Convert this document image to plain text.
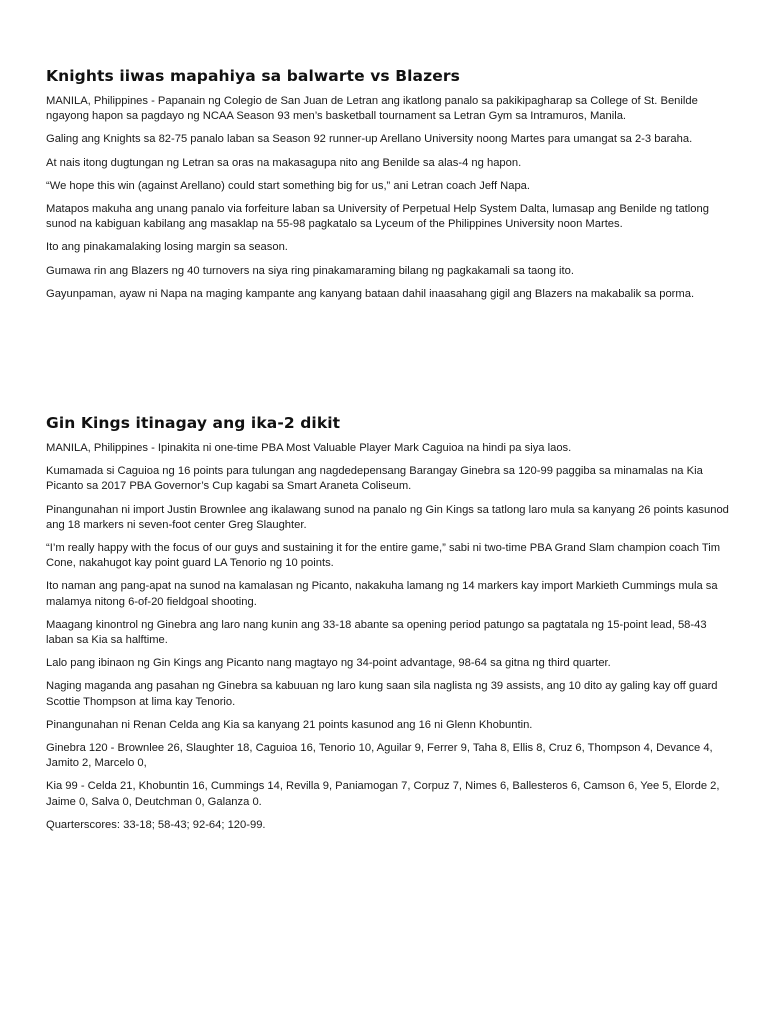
Knights iiwas mapahiya sa balwarte vs Blazers

MANILA, Philippines - Papanain ng Colegio de San Juan de Letran ang ikatlong panalo sa pakikipagharap sa College of St. Benilde ngayong hapon sa pagdayo ng NCAA Season 93 men’s basketball tournament sa Letran Gym sa Intramuros, Manila.

Galing ang Knights sa 82-75 panalo laban sa Season 92 runner-up Arellano University noong Martes para umangat sa 2-3 baraha.

At nais itong dugtungan ng Letran sa oras na makasagupa nito ang Benilde sa alas-4 ng hapon.

“We hope this win (against Arellano) could start something big for us,” ani Letran coach Jeff Napa.

Matapos makuha ang unang panalo via forfeiture laban sa University of Perpetual Help System Dalta, lumasap ang Benilde ng tatlong sunod na kabiguan kabilang ang masaklap na 55-98 pagkatalo sa Lyceum of the Philippines University noon Martes.

Ito ang pinakamalaking losing margin sa season.

Gumawa rin ang Blazers ng 40 turnovers na siya ring pinakamaraming bilang ng pagkakamali sa taong ito.

Gayunpaman, ayaw ni Napa na maging kampante ang kanyang bataan dahil inaasahang gigil ang Blazers na makabalik sa porma.

Gin Kings itinagay ang ika-2 dikit

MANILA, Philippines - Ipinakita ni one-time PBA Most Valuable Player Mark Caguioa na hindi pa siya laos.

Kumamada si Caguioa ng 16 points para tulungan ang nagdedepensang Barangay Ginebra sa 120-99 paggiba sa minamalas na Kia Picanto sa 2017 PBA Governor’s Cup kagabi sa Smart Araneta Coliseum.

Pinangunahan ni import Justin Brownlee ang ikalawang sunod na panalo ng Gin Kings sa tatlong laro mula sa kanyang 26 points kasunod ang 18 markers ni seven-foot center Greg Slaughter.

“I’m really happy with the focus of our guys and sustaining it for the entire game,” sabi ni two-time PBA Grand Slam champion coach Tim Cone, nakahugot kay point guard LA Tenorio ng 10 points.

Ito naman ang pang-apat na sunod na kamalasan ng Picanto, nakakuha lamang ng 14 markers kay import Markieth Cummings mula sa malamya nitong 6-of-20 fieldgoal shooting.

Maagang kinontrol ng Ginebra ang laro nang kunin ang 33-18 abante sa opening period patungo sa pagtatala ng 15-point lead, 58-43 laban sa Kia sa halftime.

Lalo pang ibinaon ng Gin Kings ang Picanto nang magtayo ng 34-point advantage, 98-64 sa gitna ng third quarter.

Naging maganda ang pasahan ng Ginebra sa kabuuan ng laro kung saan sila naglista ng 39 assists, ang 10 dito ay galing kay off guard Scottie Thompson at lima kay Tenorio.

Pinangunahan ni Renan Celda ang Kia sa kanyang 21 points kasunod ang 16 ni Glenn Khobuntin.

Ginebra 120 - Brownlee 26, Slaughter 18, Caguioa 16, Tenorio 10, Aguilar 9, Ferrer 9, Taha 8, Ellis 8, Cruz 6, Thompson 4, Devance 4, Jamito 2, Marcelo 0,

Kia 99 - Celda 21, Khobuntin 16, Cummings 14, Revilla 9, Paniamogan 7, Corpuz 7, Nimes 6, Ballesteros 6, Camson 6, Yee 5, Elorde 2, Jaime 0, Salva 0, Deutchman 0, Galanza 0.

Quarterscores: 33-18; 58-43; 92-64; 120-99.
